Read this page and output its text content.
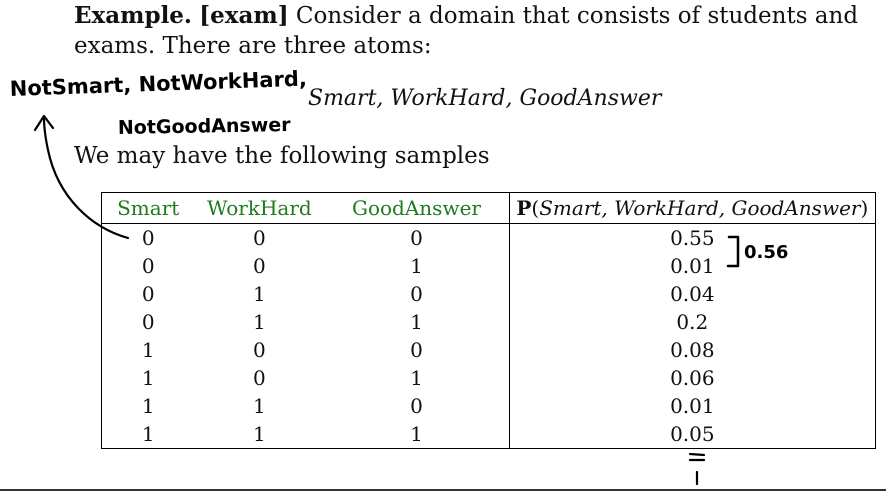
Example. [exam] Consider a domain that consists of students and
exams. There are three atoms:
Smart, WorkHard, GoodAnswer
We may have the following samples
Smart	WorkHard	GoodAnswer	P(Smart, WorkHard, GoodAnswer)
0	0	0	0.55
0	0	1	0.01
0	1	0	0.04
0	1	1	0.2
1	0	0	0.08
1	0	1	0.06
1	1	0	0.01
1	1	1	0.05
NotSmart, NotWorkHard,
NotGoodAnswer
0.56
